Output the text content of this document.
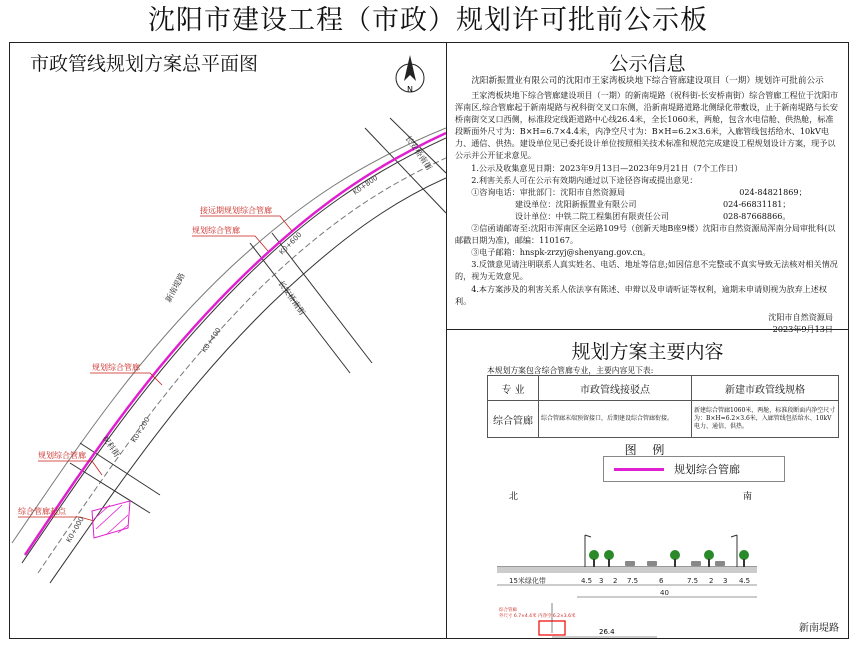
沈阳市建设工程（市政）规划许可批前公示板
市政管线规划方案总平面图
N
接远期规划综合管廊
规划综合管廊
规划综合管廊
规划综合管廊
综合管廊起点
新南堤路
长安桥南街
祝科街
长安桥南街
K0+800
K0+600
K0+400
K0+200
K0+000
公示信息
沈阳新振置业有限公司的沈阳市王家湾板块地下综合管廊建设项目（一期）规划许可批前公示

王家湾板块地下综合管廊建设项目（一期）的新南堤路（祝科街-长安桥南街）综合管廊工程位于沈阳市浑南区,综合管廊起于新南堤路与祝科街交叉口东侧，沿新南堤路道路北侧绿化带敷设，止于新南堤路与长安桥南街交叉口西侧，标准段定线距道路中心线26.4米，全长1060米，两舱，包含水电信舱、供热舱，标准段断面外尺寸为：B×H=6.7×4.4米，内净空尺寸为：B×H=6.2×3.6米，入廊管线包括给水、10kV电力、通信、供热。建设单位见已委托设计单位按照相关技术标准和规范完成建设工程规划设计方案，现予以公示并公开征求意见。

1.公示及收集意见日期：2023年9月13日—2023年9月21日（7个工作日）

2.利害关系人可在公示有效期内通过以下途径咨询或提出意见：

①咨询电话：审批部门：沈阳市自然资源局	024-84821869；

建设单位：沈阳新振置业有限公司	024-66831181；

设计单位：中铁二院工程集团有限责任公司	028-87668866。

②信函请邮寄至:沈阳市浑南区全运路109号（创新天地B座9楼）沈阳市自然资源局浑南分局审批科(以邮戳日期为准)，邮编：110167。

③电子邮箱：hnspk-zrzyj@shenyang.gov.cn。

3.反馈意见请注明联系人真实姓名、电话、地址等信息;如因信息不完整或不真实导致无法核对相关情况的，视为无效意见。

4.本方案涉及的利害关系人依法享有陈述、申辩以及申请听证等权利，逾期未申请则视为放弃上述权利。

沈阳市自然资源局

2023年9月13日

规划方案主要内容
本规划方案包含综合管廊专业，主要内容见下表:
专 业	市政管线接驳点	新建市政管线规格
综合管廊	综合管廊末端预留接口，后期建设综合管廊衔接。	新建综合管廊1060米，两舱，标准段断面内净空尺寸为：B×H=6.2×3.6米，入廊管线包括给水、10kV电力、通信、供热。
图 例
规划综合管廊
北	南
15米绿化带	4.5 3 2 7.5	6	7.5 2 3 4.5
40
综合管廊
外尺寸 6.7×4.4米 内净空 6.2×3.6米
26.4	新南堤路
